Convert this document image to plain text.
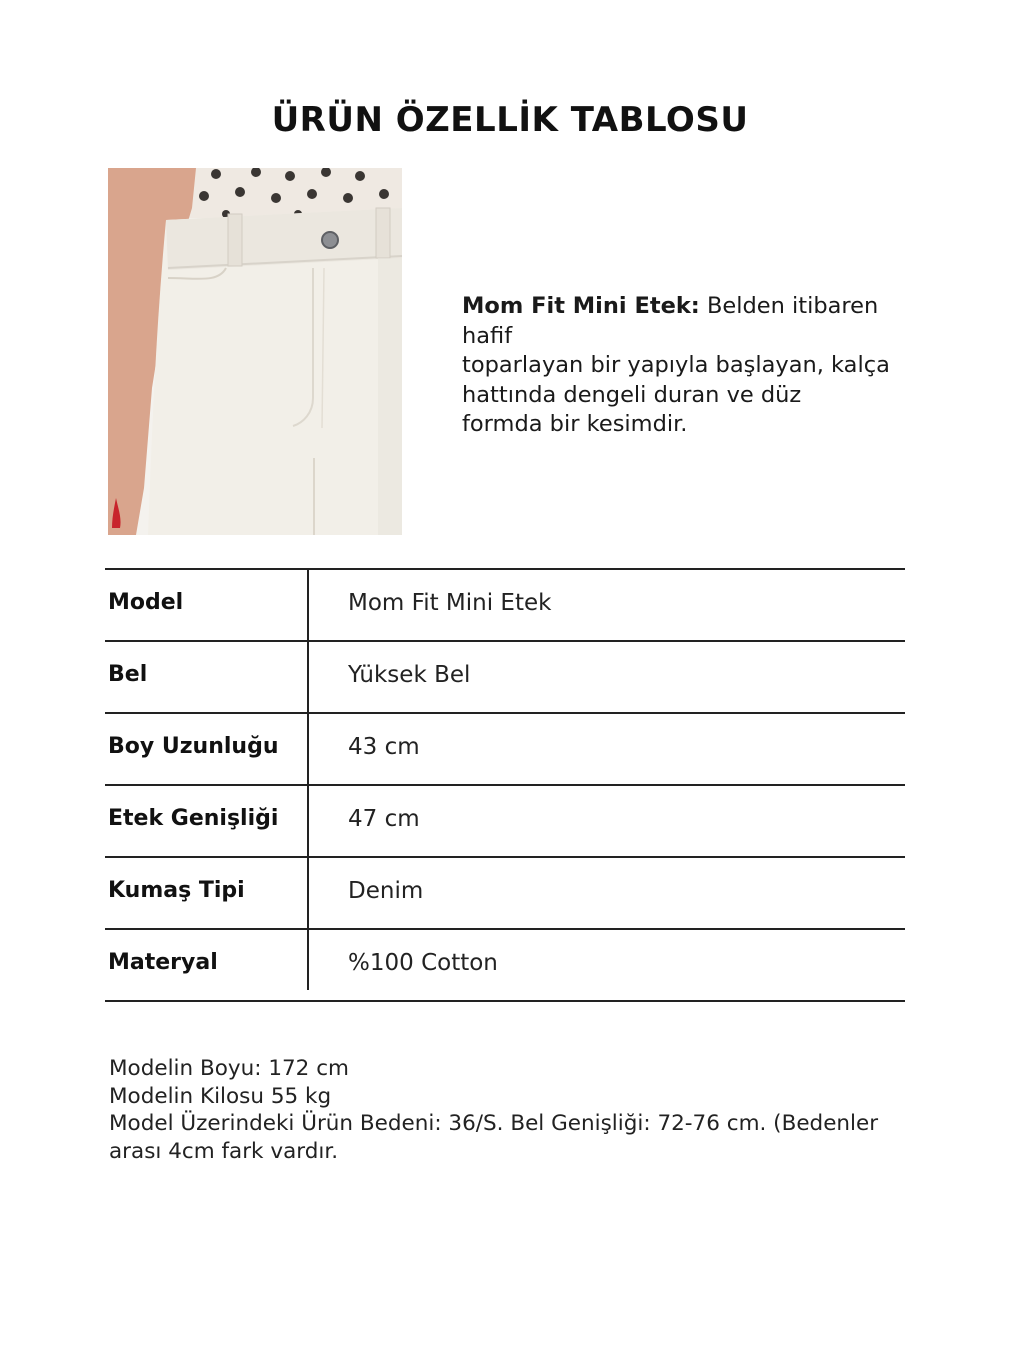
ÜRÜN ÖZELLİK TABLOSU
Mom Fit Mini Etek: Belden itibaren hafif
toparlayan bir yapıyla başlayan, kalça
hattında dengeli duran ve düz
formda bir kesimdir.
Model	Mom Fit Mini Etek
Bel	Yüksek Bel
Boy Uzunluğu	43 cm
Etek Genişliği	47 cm
Kumaş Tipi	Denim
Materyal	%100 Cotton
Modelin Boyu: 172 cm
Modelin Kilosu 55 kg
Model Üzerindeki Ürün Bedeni: 36/S. Bel Genişliği: 72-76 cm. (Bedenler
arası 4cm fark vardır.
